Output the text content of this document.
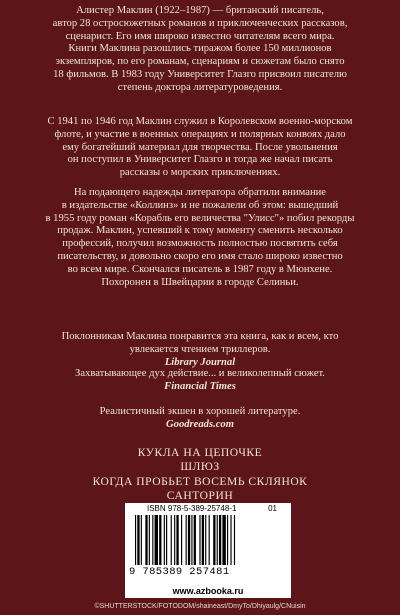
Алистер Маклин (1922–1987) — британский писатель,
автор 28 остросюжетных романов и приключенческих рассказов,
сценарист. Его имя широко известно читателям всего мира.
Книги Маклина разошлись тиражом более 150 миллионов
экземпляров, по его романам, сценариям и сюжетам было снято
18 фильмов. В 1983 году Университет Глазго присвоил писателю
степень доктора литературоведения.
С 1941 по 1946 год Маклин служил в Королевском военно-морском
флоте, и участие в военных операциях и полярных конвоях дало
ему богатейший материал для творчества. После увольнения
он поступил в Университет Глазго и тогда же начал писать
рассказы о морских приключениях.
На подающего надежды литератора обратили внимание
в издательстве «Коллинз» и не пожалели об этом: вышедший
в 1955 году роман «Корабль его величества "Улисс"» побил рекорды
продаж. Маклин, успевший к тому моменту сменить несколько
профессий, получил возможность полностью посвятить себя
писательству, и довольно скоро его имя стало широко известно
во всем мире. Скончался писатель в 1987 году в Мюнхене.
Похоронен в Швейцарии в городе Селиньи.
Поклонникам Маклина понравится эта книга, как и всем, кто
увлекается чтением триллеров.
Library Journal
Захватывающее дух действие... и великолепный сюжет.
Financial Times
Реалистичный экшен в хорошей литературе.
Goodreads.com
КУКЛА НА ЦЕПОЧКЕ
ШЛЮЗ
КОГДА ПРОБЬЕТ ВОСЕМЬ СКЛЯНОК
САНТОРИН
ISBN 978-5-389-25748-1	01
9 785389 257481
www.azbooka.ru
©SHUTTERSTOCK/FOTODOM/shaineast/DmyTo/Dhiyaulg/CNuisin
